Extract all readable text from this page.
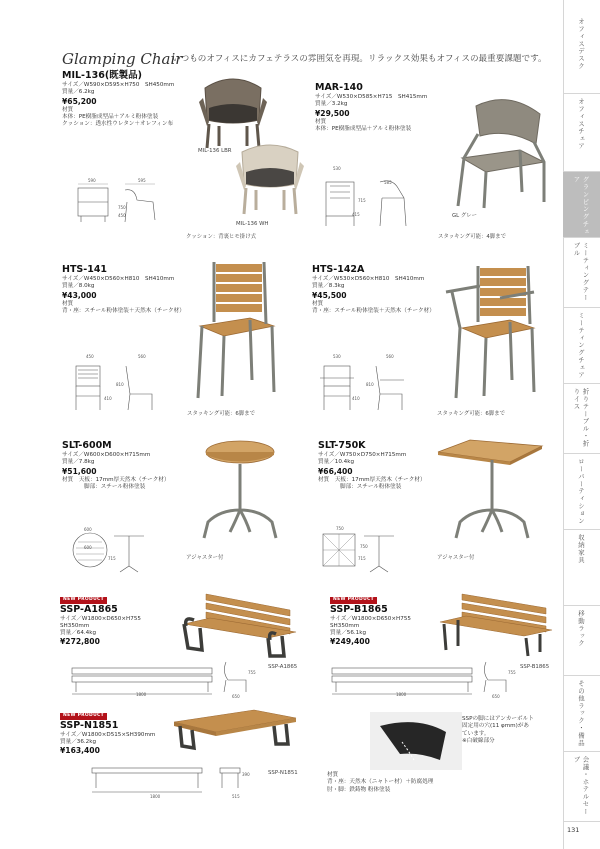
Glamping Chair
いつものオフィスにカフェテラスの雰囲気を再現。リラックス効果もオフィスの最重要課題です。
MIL-136(既製品)
サイズ／W590×D595×H750　SH450mm
質量／6.2kg
¥65,200
材質
本体：PE樹脂成型品＋アルミ粉体塗装
クッション：透水性ウレタン＋オレフィン布
MIL-136 LBR
MIL-136 WH
クッション：背裏ヒモ掛け式
590	595
750
450
MAR-140
サイズ／W530×D585×H715　SH415mm
質量／3.2kg
¥29,500
材質
本体：PE樹脂成型品＋アルミ粉体塗装
GL グレー
スタッキング可能：4脚まで
530
585
715
415
HTS-141
サイズ／W450×D560×H810　SH410mm
質量／8.0kg
¥43,000
材質
背・座：スチール粉体塗装＋天然木（チーク材）
スタッキング可能：6脚まで
450	560
810
410
HTS-142A
サイズ／W530×D560×H810　SH410mm
質量／8.3kg
¥45,500
材質
背・座：スチール粉体塗装＋天然木（チーク材）
スタッキング可能：6脚まで
530	560
810
410
SLT-600M
サイズ／W600×D600×H715mm
質量／7.8kg
¥51,600
材質　 天板：17mm厚天然木（チーク材）
脚部：スチール粉体塗装
アジャスター付
600
600
715
SLT-750K
サイズ／W750×D750×H715mm
質量／10.4kg
¥66,400
材質　 天板：17mm厚天然木（チーク材）
脚部：スチール粉体塗装
アジャスター付
750
750
715
NEW PRODUCT
SSP-A1865
サイズ／W1800×D650×H755
SH350mm
質量／64.4kg
¥272,800
SSP-A1865
1800	650
755
NEW PRODUCT
SSP-B1865
サイズ／W1800×D650×H755
SH350mm
質量／56.1kg
¥249,400
SSP-B1865
1800	650
755
NEW PRODUCT
SSP-N1851
サイズ／W1800×D515×SH390mm
質量／36.2kg
¥163,400
SSP-N1851
1800	515
390
SSPの脚にはアンカーボルト
固定用の穴(11 φmm)があ
ています。
※白破線部分
材質
背・座：天然木（ニャトー材）＋防腐処理
肘・脚：鉄鋳物 粉体塗装
オフィスデスク
オフィスチェア
グランピングチェア
ミーティングテーブル
ミーティングチェア
折りテーブル・折りイス
ローパーティション
収納家具
移動ラック
その他ラック・備品
会議・ホテルセーブ
131
